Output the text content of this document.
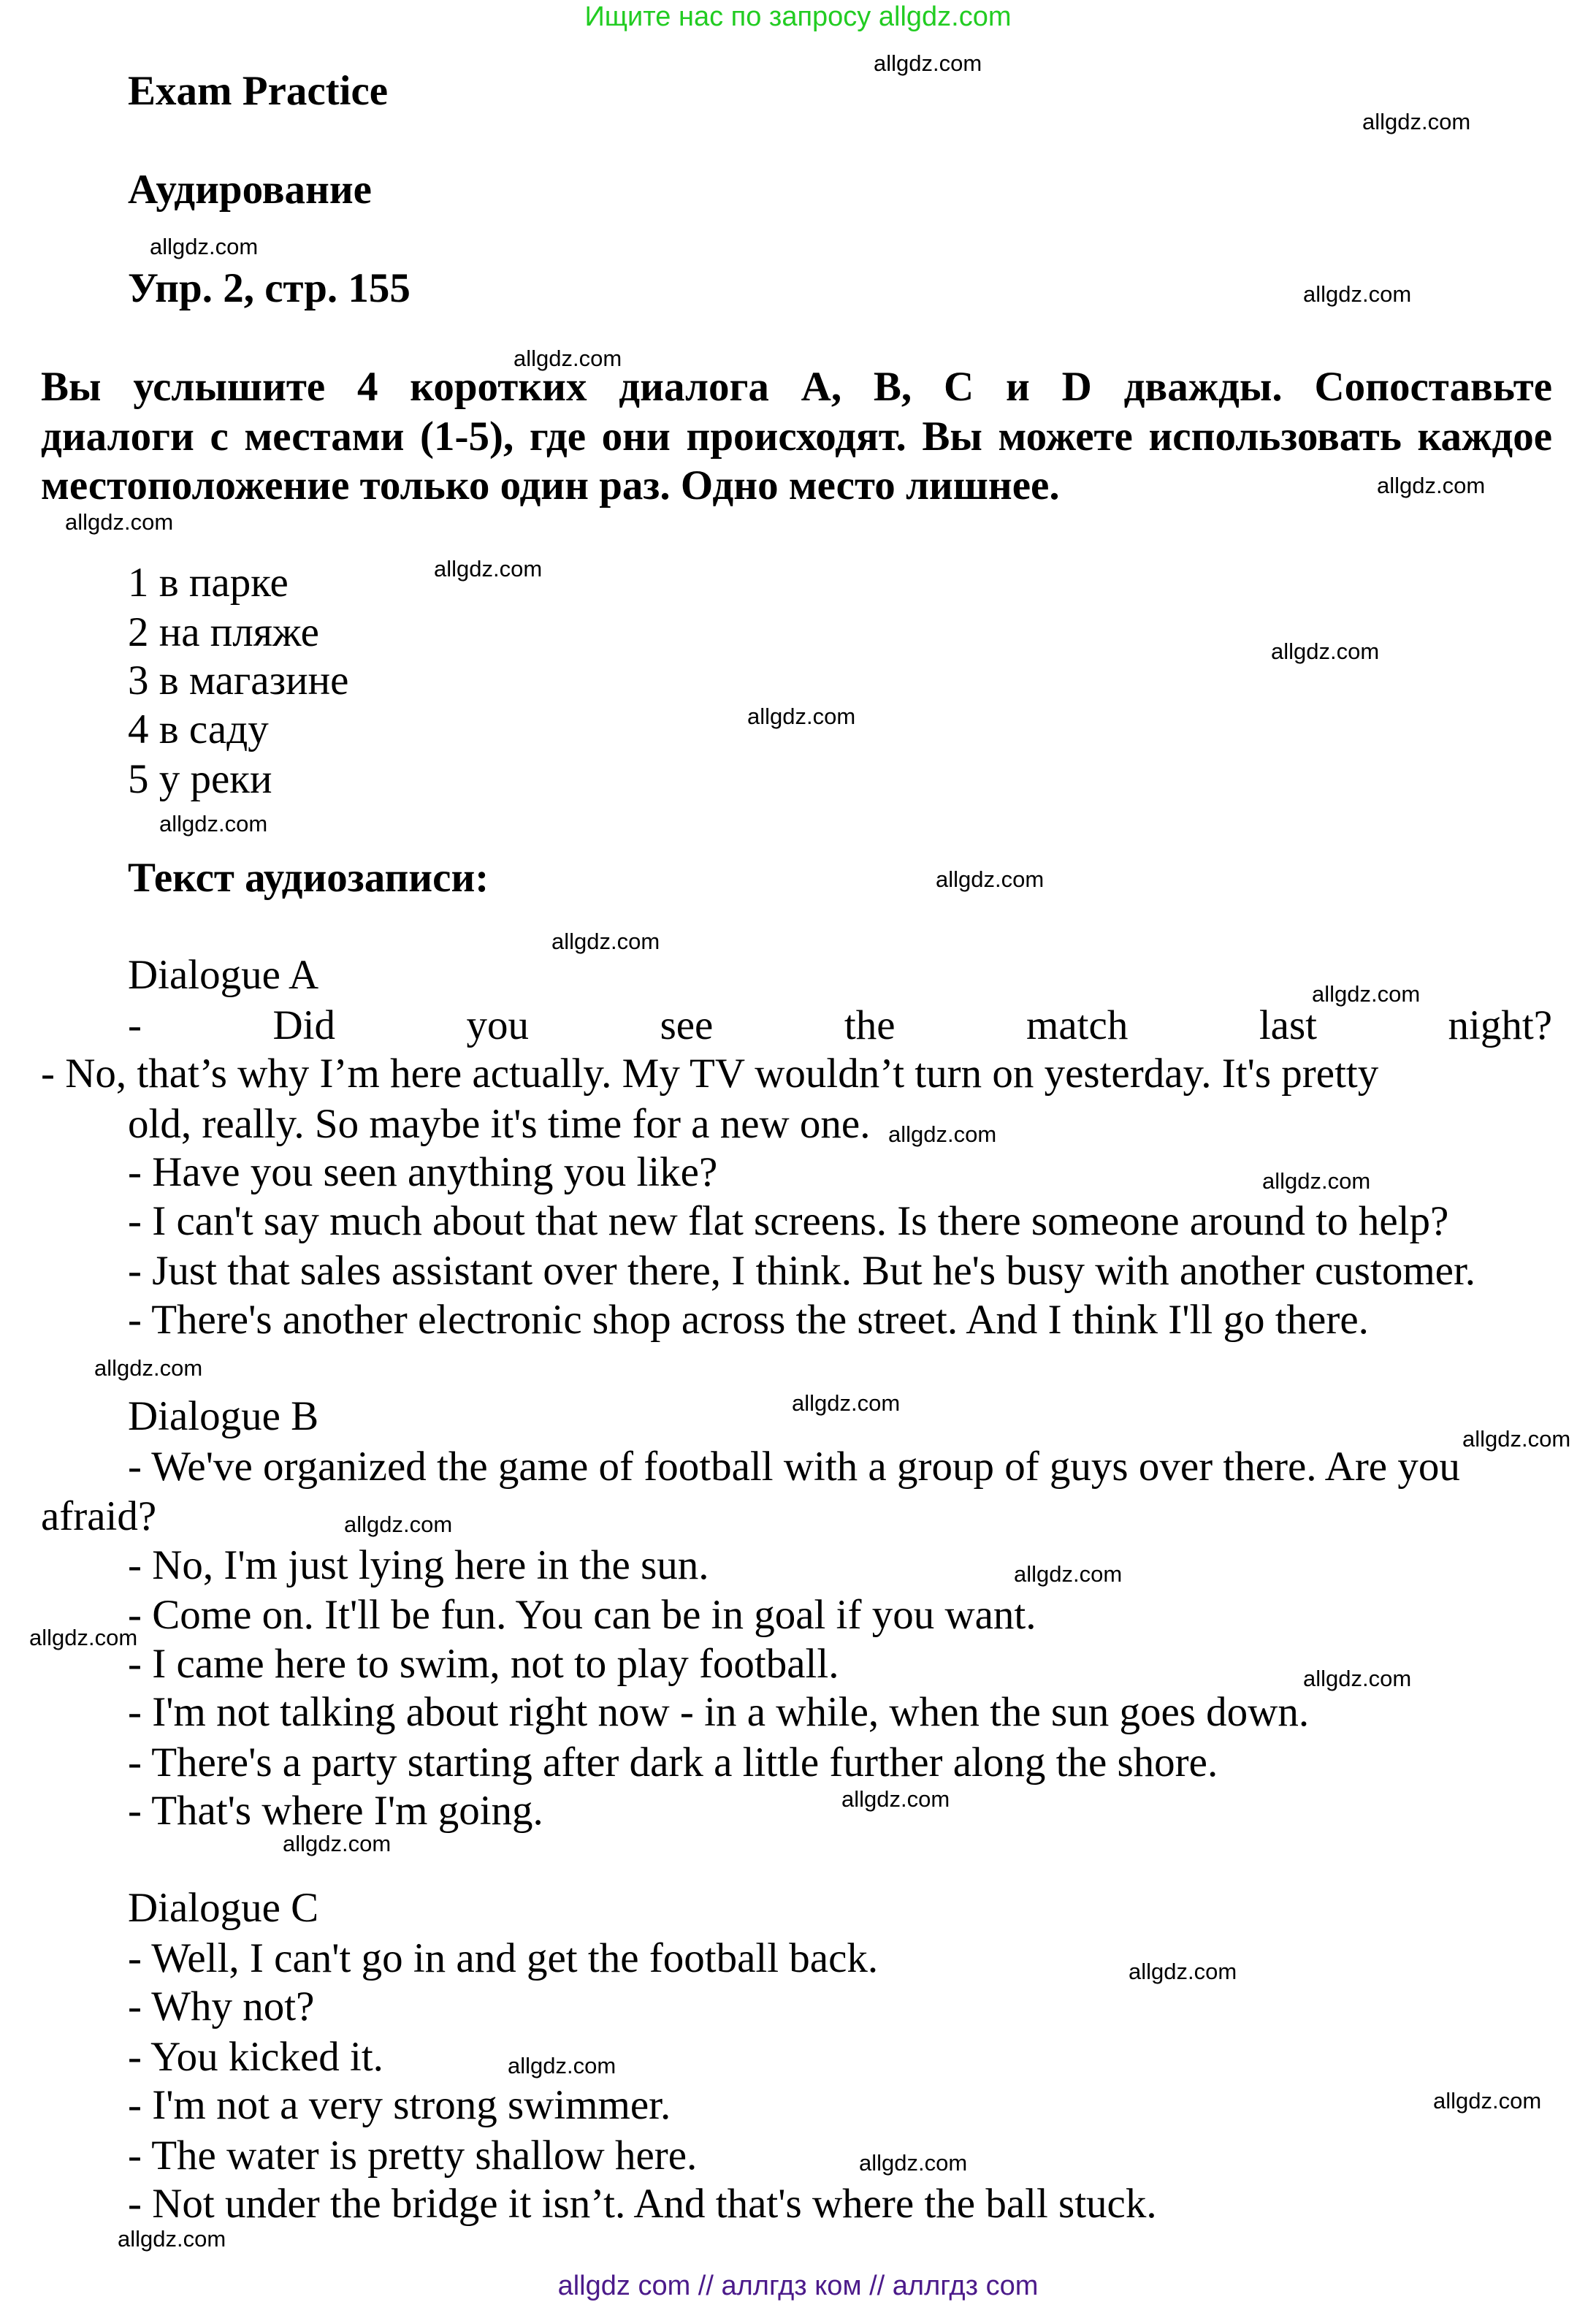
Ищите нас по запросу allgdz.com
allgdz com // аллгдз ком // аллгдз com
Exam Practice
Аудирование
Упр. 2, стр. 155
Вы услышите 4 коротких диалога A, B, C и D дважды. Сопоставьте
диалоги с местами (1-5), где они происходят. Вы можете использовать каждое
местоположение только один раз. Одно место лишнее.
1 в парке
2 на пляже
3 в магазине
4 в саду
5 у реки
Текст аудиозаписи:
Dialogue A
- Did you see the match last night?
- No, that’s why I’m here actually. My TV wouldn’t turn on yesterday. It's pretty
old, really. So maybe it's time for a new one.
- Have you seen anything you like?
- I can't say much about that new flat screens. Is there someone around to help?
- Just that sales assistant over there, I think. But he's busy with another customer.
- There's another electronic shop across the street. And I think I'll go there.
Dialogue B
- We've organized the game of football with a group of guys over there. Are you
afraid?
- No, I'm just lying here in the sun.
- Come on. It'll be fun. You can be in goal if you want.
- I came here to swim, not to play football.
- I'm not talking about right now - in a while, when the sun goes down.
- There's a party starting after dark a little further along the shore.
- That's where I'm going.
Dialogue C
- Well, I can't go in and get the football back.
- Why not?
- You kicked it.
- I'm not a very strong swimmer.
- The water is pretty shallow here.
- Not under the bridge it isn’t. And that's where the ball stuck.
allgdz.com
allgdz.com
allgdz.com
allgdz.com
allgdz.com
allgdz.com
allgdz.com
allgdz.com
allgdz.com
allgdz.com
allgdz.com
allgdz.com
allgdz.com
allgdz.com
allgdz.com
allgdz.com
allgdz.com
allgdz.com
allgdz.com
allgdz.com
allgdz.com
allgdz.com
allgdz.com
allgdz.com
allgdz.com
allgdz.com
allgdz.com
allgdz.com
allgdz.com
allgdz.com
